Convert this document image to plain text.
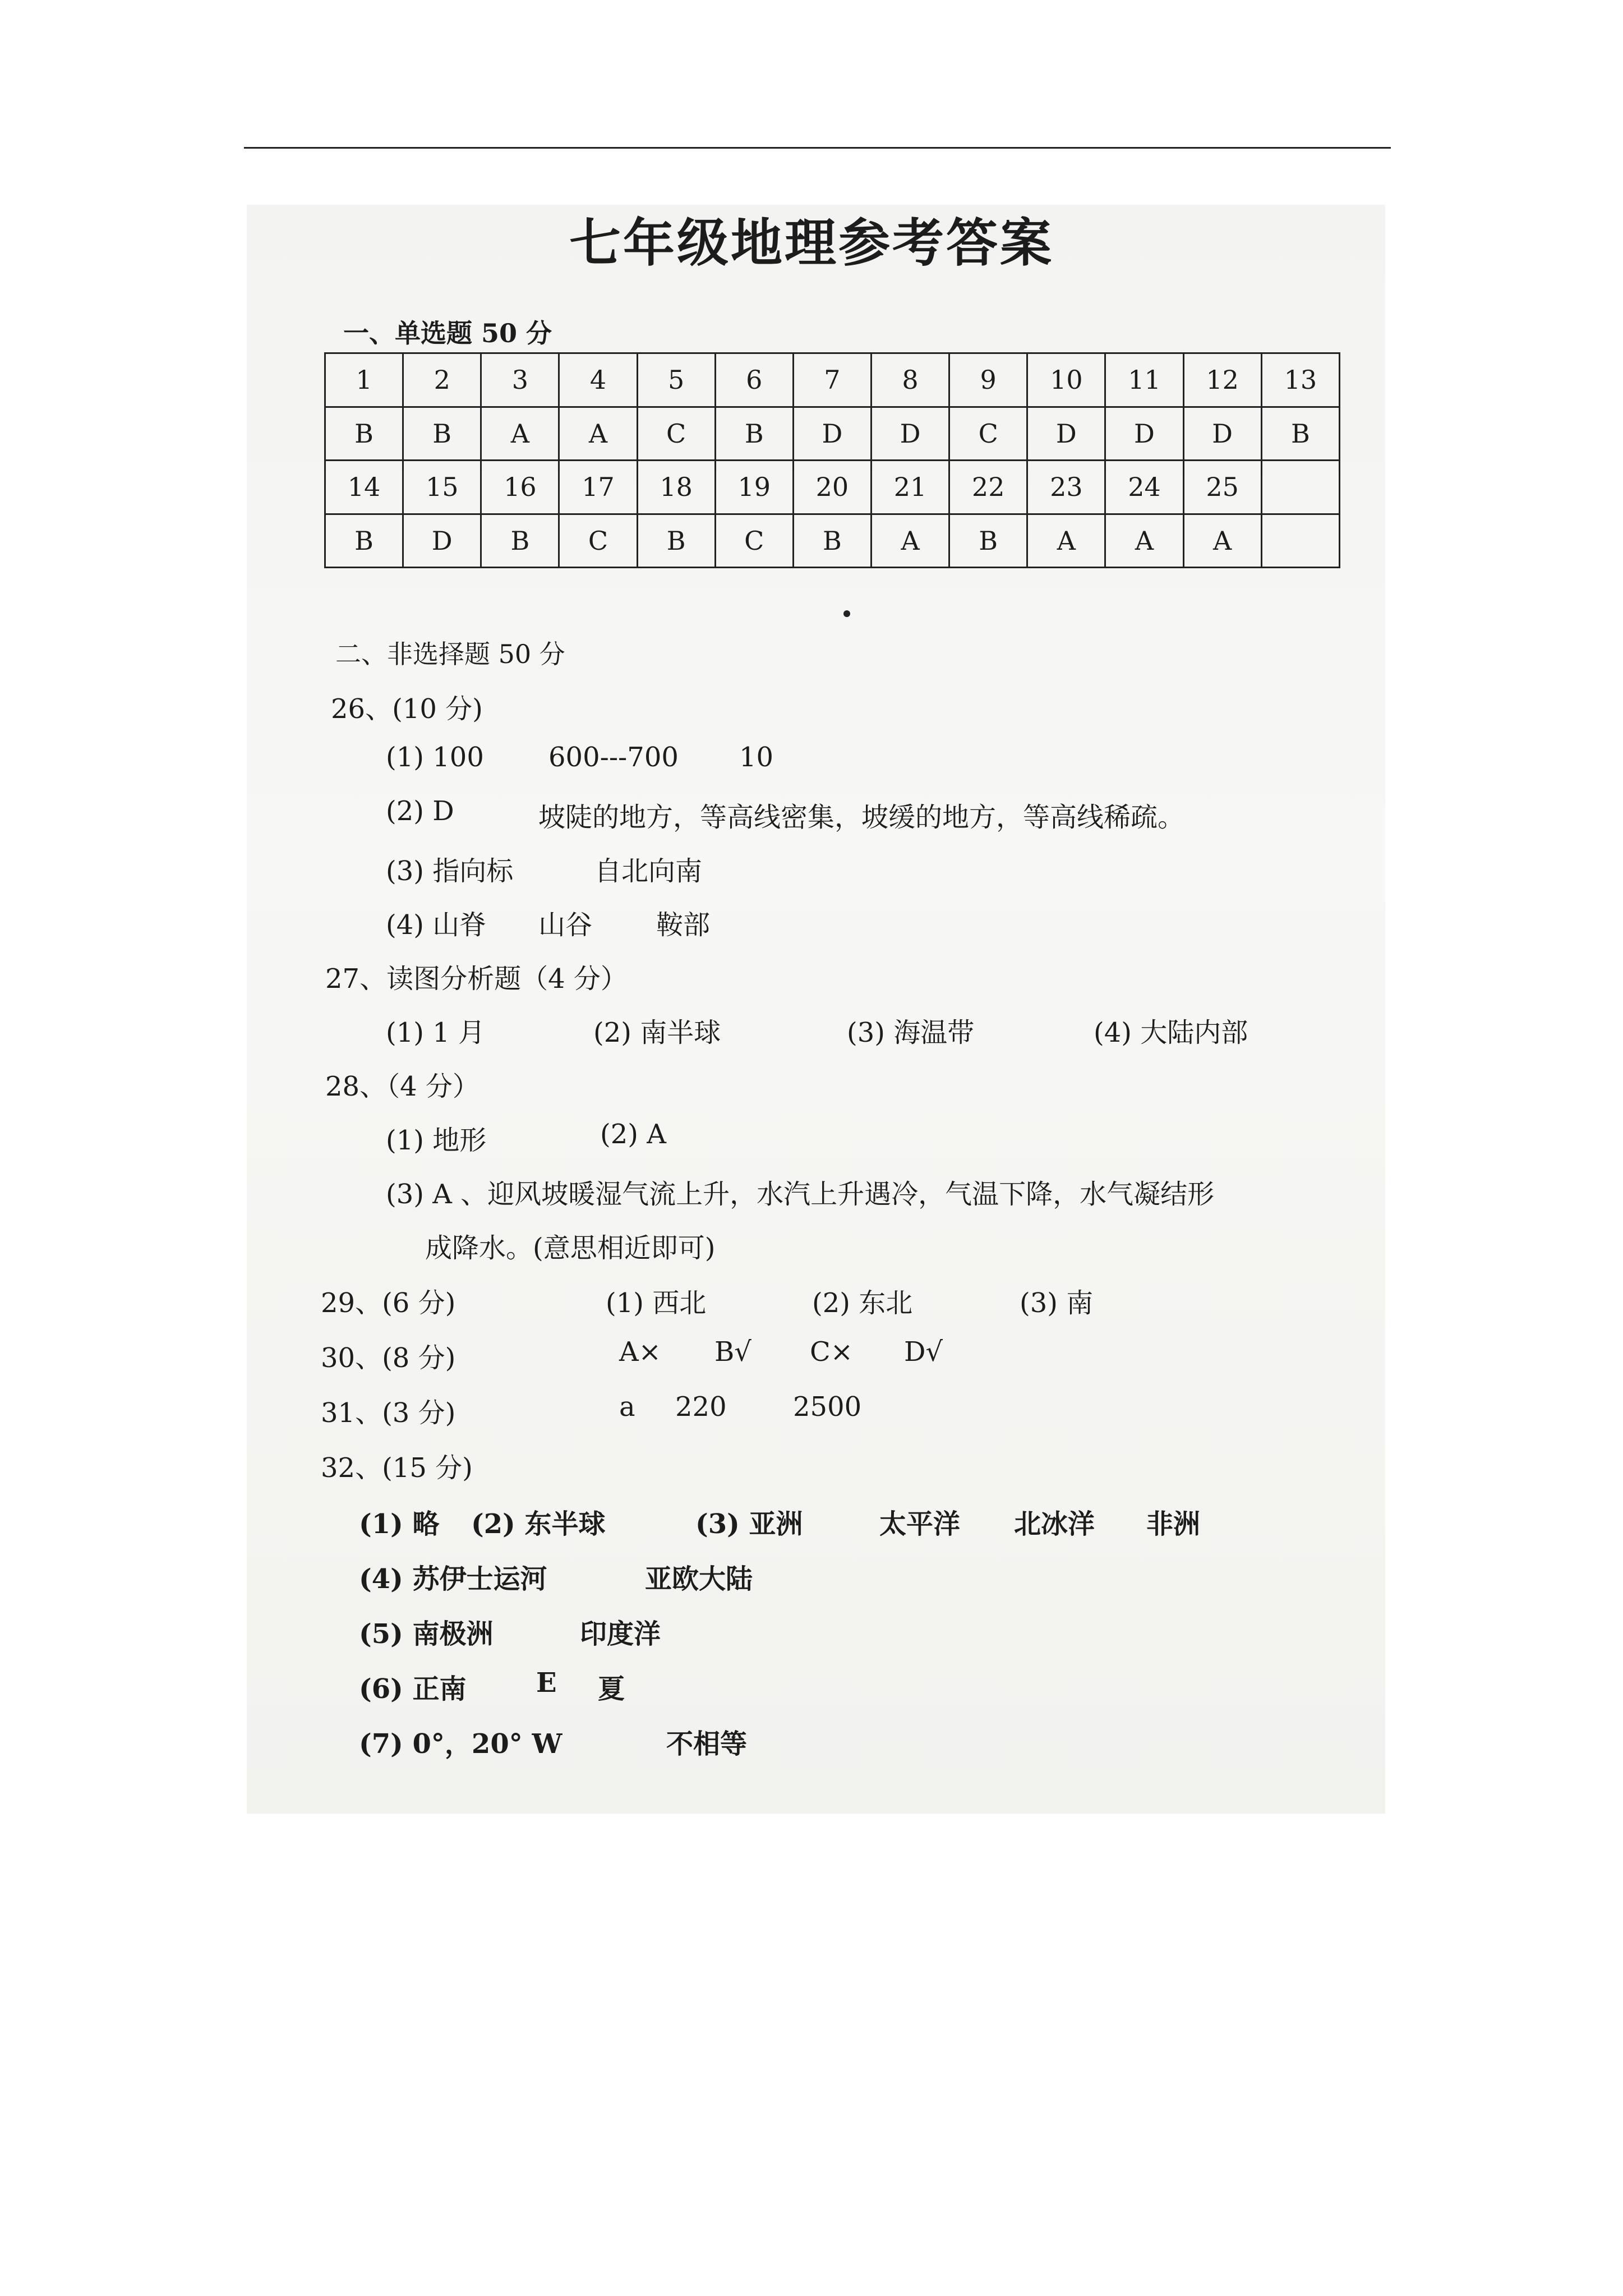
七年级地理参考答案
一、单选题 50 分
1	2	3	4	5	6	7	8	9	10	11	12	13
B	B	A	A	C	B	D	D	C	D	D	D	B
14	15	16	17	18	19	20	21	22	23	24	25	
B	D	B	C	B	C	B	A	B	A	A	A	
二、非选择题 50 分
26、(10 分)
(1) 100 600---700 10
(2) D	坡陡的地方，等高线密集，坡缓的地方，等高线稀疏。
(3) 指向标	自北向南
(4) 山脊 山谷 鞍部
27、读图分析题（4 分）
(1) 1 月	(2) 南半球	(3) 海温带	(4) 大陆内部
28、（4 分）
(1) 地形	(2) A
(3) A 、迎风坡暖湿气流上升，水汽上升遇冷，气温下降，水气凝结形
成降水。(意思相近即可)
29、(6 分)	(1) 西北	(2) 东北	(3) 南
30、(8 分)	A× B√ C× D√
31、(3 分)	a 220 2500
32、(15 分)
(1) 略 (2) 东半球	(3) 亚洲	太平洋 北冰洋 非洲
(4) 苏伊士运河	亚欧大陆
(5) 南极洲	印度洋
(6) 正南	E 夏
(7) 0°，20° W	不相等
